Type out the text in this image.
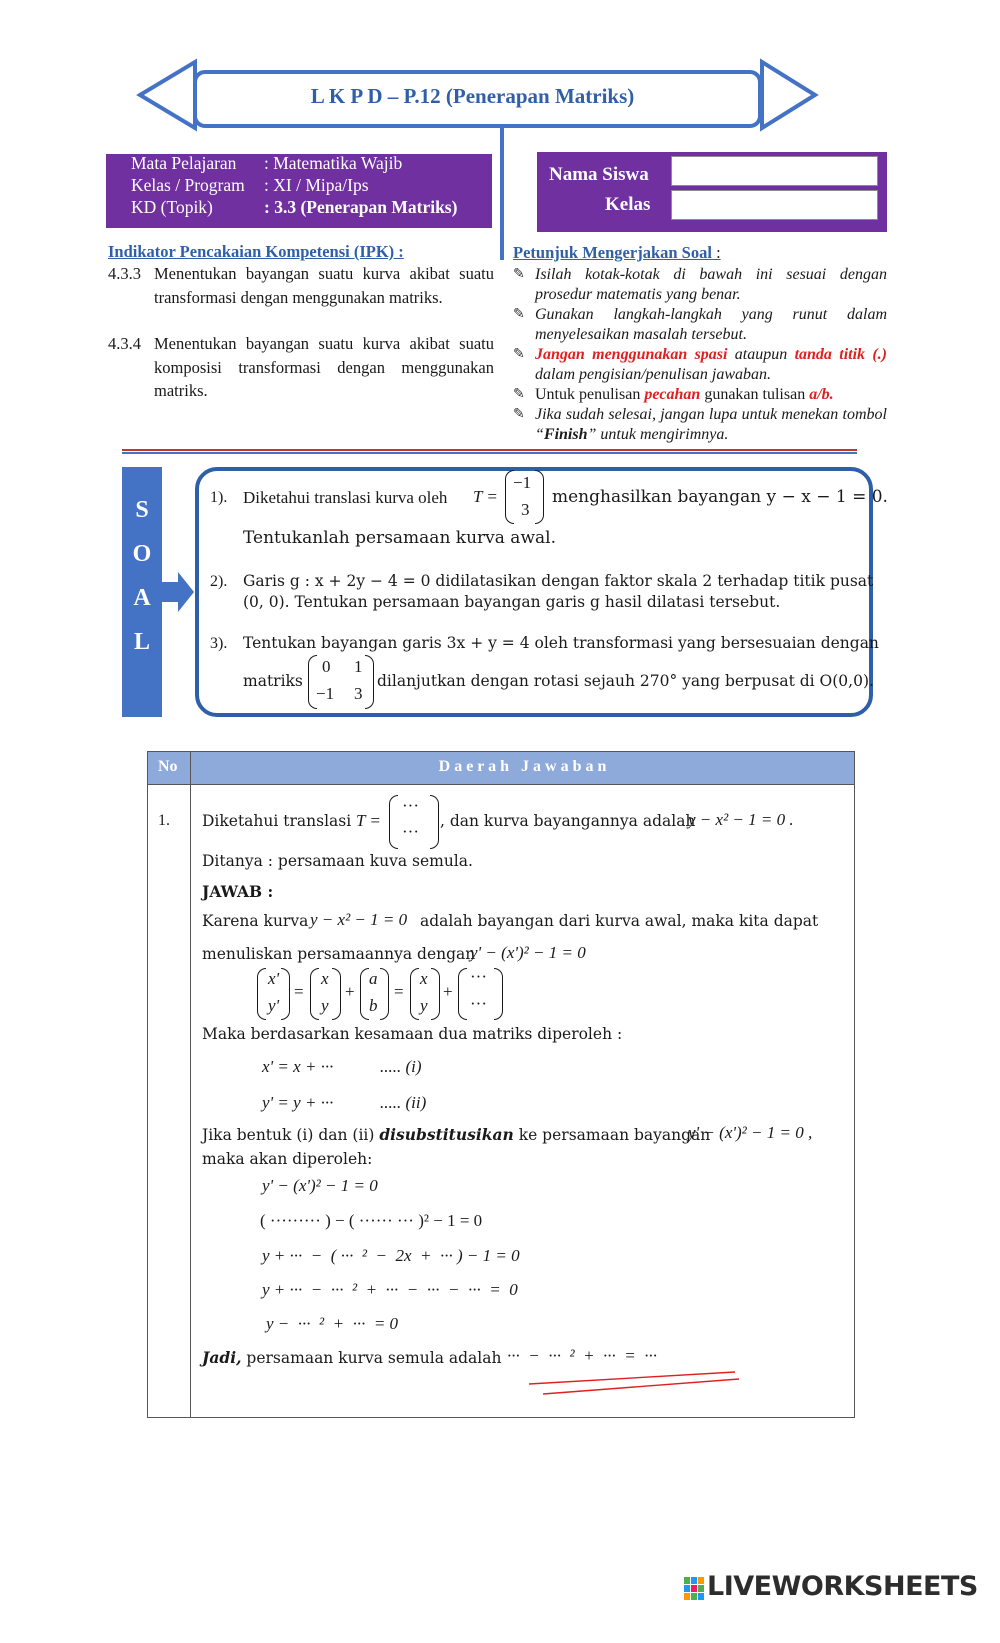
L K P D – P.12 (Penerapan Matriks)
Mata Pelajaran : Matematika Wajib
Kelas / Program : XI / Mipa/Ips
KD (Topik)	: 3.3 (Penerapan Matriks)
Nama Siswa
Kelas
Indikator Pencakaian Kompetensi (IPK) :
4.3.3 Menentukan bayangan suatu kurva akibat suatu transformasi dengan menggunakan matriks.
4.3.4 Menentukan bayangan suatu kurva akibat suatu komposisi transformasi dengan menggunakan matriks.
Petunjuk Mengerjakan Soal :
✎ Isilah kotak-kotak di bawah ini sesuai dengan prosedur matematis yang benar.
✎ Gunakan langkah-langkah yang runut dalam menyelesaikan masalah tersebut.
✎ Jangan menggunakan spasi ataupun tanda titik (.) dalam pengisian/penulisan jawaban.
✎ Untuk penulisan pecahan gunakan tulisan a/b.
✎ Jika sudah selesai, jangan lupa untuk menekan tombol “Finish” untuk mengirimnya.
S
O
A
L
1). Diketahui translasi kurva oleh T =
−1
3
menghasilkan bayangan y − x − 1 = 0.
Tentukanlah persamaan kurva awal.
2). Garis g : x + 2y − 4 = 0 didilatasikan dengan faktor skala 2 terhadap titik pusat
(0, 0). Tentukan persamaan bayangan garis g hasil dilatasi tersebut.
3). Tentukan bayangan garis 3x + y = 4 oleh transformasi yang bersesuaian dengan
matriks
0 1
−1 3
dilanjutkan dengan rotasi sejauh 270° yang berpusat di O(0,0).
No	D a e r a h   J a w a b a n
1. Diketahui translasi T =
···
···
, dan kurva bayangannya adalah
y − x² − 1 = 0 .
Ditanya : persamaan kuva semula.
JAWAB :
Karena kurva y − x² − 1 = 0 adalah bayangan dari kurva awal, maka kita dapat
menuliskan persamaannya dengan
y' − (x')² − 1 = 0
x'
y'
=
x
y
+
a
b
=
x
y
+
···
···
Maka berdasarkan kesamaan dua matriks diperoleh :
x' = x + ···	..... (i)
y' = y + ···	..... (ii)
Jika bentuk (i) dan (ii) disubstitusikan ke persamaan bayangan
y' − (x')² − 1 = 0 ,
maka akan diperoleh:
y' − (x')² − 1 = 0
( ········· ) − ( ······ ··· )² − 1 = 0
y + ···  −  ( ···  ²  −  2x  +  ··· ) − 1 = 0
y + ···  −  ···  ²  +  ···  −  ···  −  ···  =  0
y −  ···  ²  +  ···  = 0
Jadi, persamaan kurva semula adalah ···  −  ···  ²  +  ···  =  ···
LIVEWORKSHEETS
